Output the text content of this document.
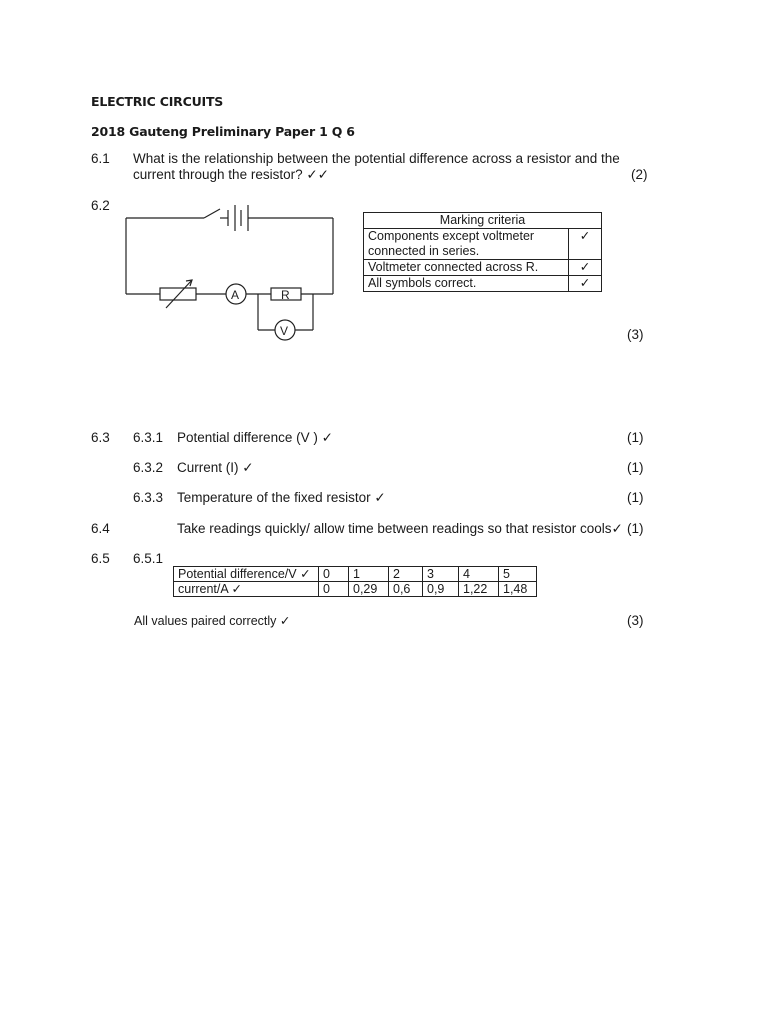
ELECTRIC CIRCUITS
2018 Gauteng Preliminary Paper 1 Q 6
6.1 What is the relationship between the potential difference across a resistor and the
current through the resistor? ✓✓	(2)
6.2
A	R
V
Marking criteria	
Components except voltmeter
connected in series.	✓
Voltmeter connected across R.	✓
All symbols correct.	✓
(3)
6.3 6.3.1 Potential difference (V ) ✓	(1)
6.3.2 Current (I) ✓	(1)
6.3.3 Temperature of the fixed resistor ✓	(1)
6.4	Take readings quickly/ allow time between readings so that resistor cools✓ (1)
6.5 6.5.1
Potential difference/V ✓	0	1	2	3	4	5
current/A ✓	0	0,29	0,6	0,9	1,22	1,48
All values paired correctly ✓	(3)
